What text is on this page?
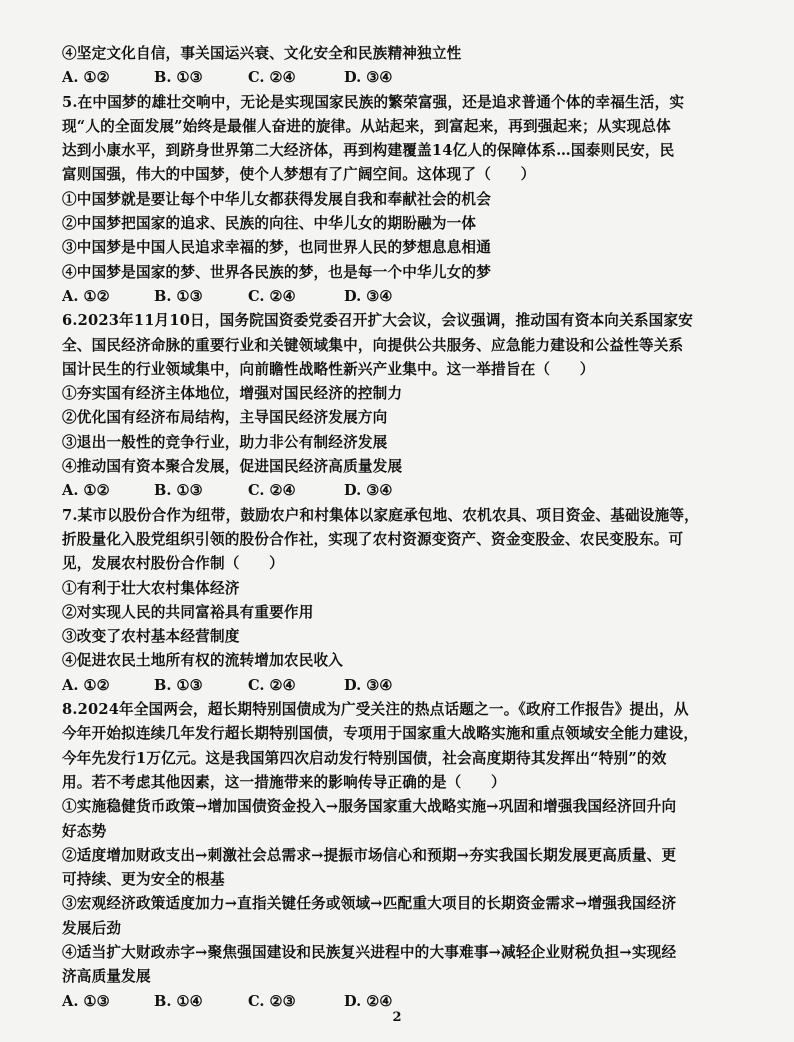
④坚定文化自信，事关国运兴衰、文化安全和民族精神独立性
A. ①②	B. ①③	C. ②④	D. ③④
5.在中国梦的雄壮交响中，无论是实现国家民族的繁荣富强，还是追求普通个体的幸福生活，实
现“人的全面发展”始终是最催人奋进的旋律。从站起来，到富起来，再到强起来；从实现总体
达到小康水平，到跻身世界第二大经济体，再到构建覆盖14亿人的保障体系…国泰则民安，民
富则国强，伟大的中国梦，使个人梦想有了广阔空间。这体现了（　　）
①中国梦就是要让每个中华儿女都获得发展自我和奉献社会的机会
②中国梦把国家的追求、民族的向往、中华儿女的期盼融为一体
③中国梦是中国人民追求幸福的梦，也同世界人民的梦想息息相通
④中国梦是国家的梦、世界各民族的梦，也是每一个中华儿女的梦
A. ①②	B. ①③	C. ②④	D. ③④
6.2023年11月10日，国务院国资委党委召开扩大会议，会议强调，推动国有资本向关系国家安
全、国民经济命脉的重要行业和关键领域集中，向提供公共服务、应急能力建设和公益性等关系
国计民生的行业领域集中，向前瞻性战略性新兴产业集中。这一举措旨在（　　）
①夯实国有经济主体地位，增强对国民经济的控制力
②优化国有经济布局结构，主导国民经济发展方向
③退出一般性的竞争行业，助力非公有制经济发展
④推动国有资本聚合发展，促进国民经济高质量发展
A. ①②	B. ①③	C. ②④	D. ③④
7.某市以股份合作为纽带，鼓励农户和村集体以家庭承包地、农机农具、项目资金、基础设施等，
折股量化入股党组织引领的股份合作社，实现了农村资源变资产、资金变股金、农民变股东。可
见，发展农村股份合作制（　　）
①有利于壮大农村集体经济
②对实现人民的共同富裕具有重要作用
③改变了农村基本经营制度
④促进农民土地所有权的流转增加农民收入
A. ①②	B. ①③	C. ②④	D. ③④
8.2024年全国两会，超长期特别国债成为广受关注的热点话题之一。《政府工作报告》提出，从
今年开始拟连续几年发行超长期特别国债，专项用于国家重大战略实施和重点领域安全能力建设，
今年先发行1万亿元。这是我国第四次启动发行特别国债，社会高度期待其发挥出“特别”的效
用。若不考虑其他因素，这一措施带来的影响传导正确的是（　　）
①实施稳健货币政策→增加国债资金投入→服务国家重大战略实施→巩固和增强我国经济回升向
好态势
②适度增加财政支出→刺激社会总需求→提振市场信心和预期→夯实我国长期发展更高质量、更
可持续、更为安全的根基
③宏观经济政策适度加力→直指关键任务或领域→匹配重大项目的长期资金需求→增强我国经济
发展后劲
④适当扩大财政赤字→聚焦强国建设和民族复兴进程中的大事难事→减轻企业财税负担→实现经
济高质量发展
A. ①③	B. ①④	C. ②③	D. ②④
2
